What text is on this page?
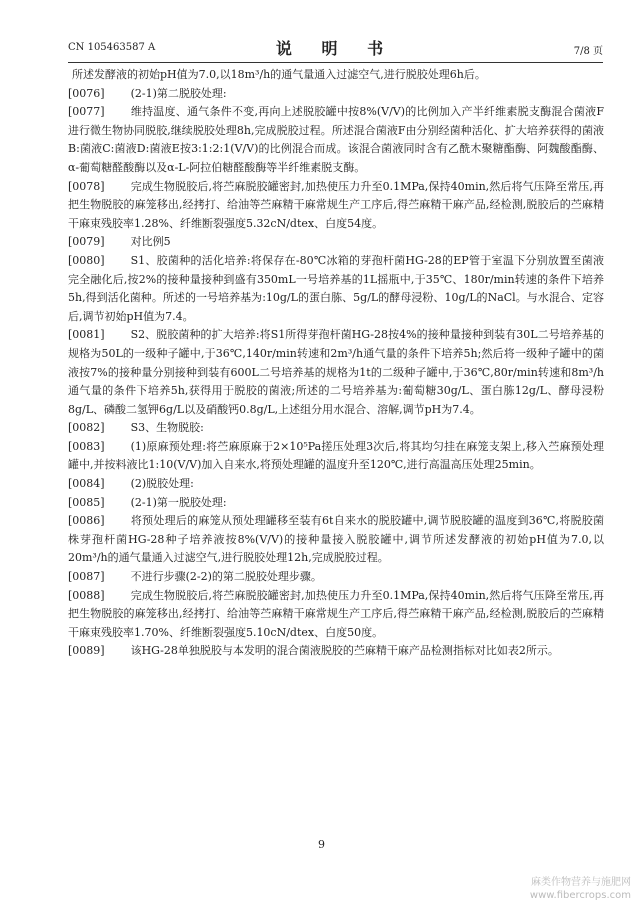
CN 105463587 A	说 明 书	7/8 页

所述发酵液的初始pH值为7.0,以18m³/h的通气量通入过滤空气,进行脱胶处理6h后。

[0076] (2-1)第二脱胶处理:

[0077] 维持温度、通气条件不变,再向上述脱胶罐中按8%(V/V)的比例加入产半纤维素脱支酶混合菌液F进行微生物协同脱胶,继续脱胶处理8h,完成脱胶过程。所述混合菌液F由分别经菌种活化、扩大培养获得的菌液B:菌液C:菌液D:菌液E按3:1:2:1(V/V)的比例混合而成。该混合菌液同时含有乙酰木聚糖酯酶、阿魏酸酯酶、α-葡萄糖醛酸酶以及α-L-阿拉伯糖醛酸酶等半纤维素脱支酶。

[0078] 完成生物脱胶后,将苎麻脱胶罐密封,加热使压力升至0.1MPa,保持40min,然后将气压降至常压,再把生物脱胶的麻笼移出,经拷打、给油等苎麻精干麻常规生产工序后,得苎麻精干麻产品,经检测,脱胶后的苎麻精干麻束残胶率1.28%、纤维断裂强度5.32cN/dtex、白度54度。

[0079] 对比例5

[0080] S1、胶菌种的活化培养:将保存在-80℃冰箱的芽孢杆菌HG-28的EP管于室温下分别放置至菌液完全融化后,按2%的接种量接种到盛有350mL一号培养基的1L摇瓶中,于35℃、180r/min转速的条件下培养5h,得到活化菌种。所述的一号培养基为:10g/L的蛋白胨、5g/L的酵母浸粉、10g/L的NaCl。与水混合、定容后,调节初始pH值为7.4。

[0081] S2、脱胶菌种的扩大培养:将S1所得芽孢杆菌HG-28按4%的接种量接种到装有30L二号培养基的规格为50L的一级种子罐中,于36℃,140r/min转速和2m³/h通气量的条件下培养5h;然后将一级种子罐中的菌液按7%的接种量分别接种到装有600L二号培养基的规格为1t的二级种子罐中,于36℃,80r/min转速和8m³/h通气量的条件下培养5h,获得用于脱胶的菌液;所述的二号培养基为:葡萄糖30g/L、蛋白胨12g/L、酵母浸粉8g/L、磷酸二氢钾6g/L以及硝酸钙0.8g/L,上述组分用水混合、溶解,调节pH为7.4。

[0082] S3、生物脱胶:

[0083] (1)原麻预处理:将苎麻原麻于2×10⁵Pa搓压处理3次后,将其均匀挂在麻笼支架上,移入苎麻预处理罐中,并按料液比1:10(V/V)加入自来水,将预处理罐的温度升至120℃,进行高温高压处理25min。

[0084] (2)脱胶处理:

[0085] (2-1)第一脱胶处理:

[0086] 将预处理后的麻笼从预处理罐移至装有6t自来水的脱胶罐中,调节脱胶罐的温度到36℃,将脱胶菌株芽孢杆菌HG-28种子培养液按8%(V/V)的接种量接入脱胶罐中,调节所述发酵液的初始pH值为7.0,以20m³/h的通气量通入过滤空气,进行脱胶处理12h,完成脱胶过程。

[0087] 不进行步骤(2-2)的第二脱胶处理步骤。

[0088] 完成生物脱胶后,将苎麻脱胶罐密封,加热使压力升至0.1MPa,保持40min,然后将气压降至常压,再把生物脱胶的麻笼移出,经拷打、给油等苎麻精干麻常规生产工序后,得苎麻精干麻产品,经检测,脱胶后的苎麻精干麻束残胶率1.70%、纤维断裂强度5.10cN/dtex、白度50度。

[0089] 该HG-28单独脱胶与本发明的混合菌液脱胶的苎麻精干麻产品检测指标对比如表2所示。

9
麻类作物营养与施肥网
www.fibercrops.com
